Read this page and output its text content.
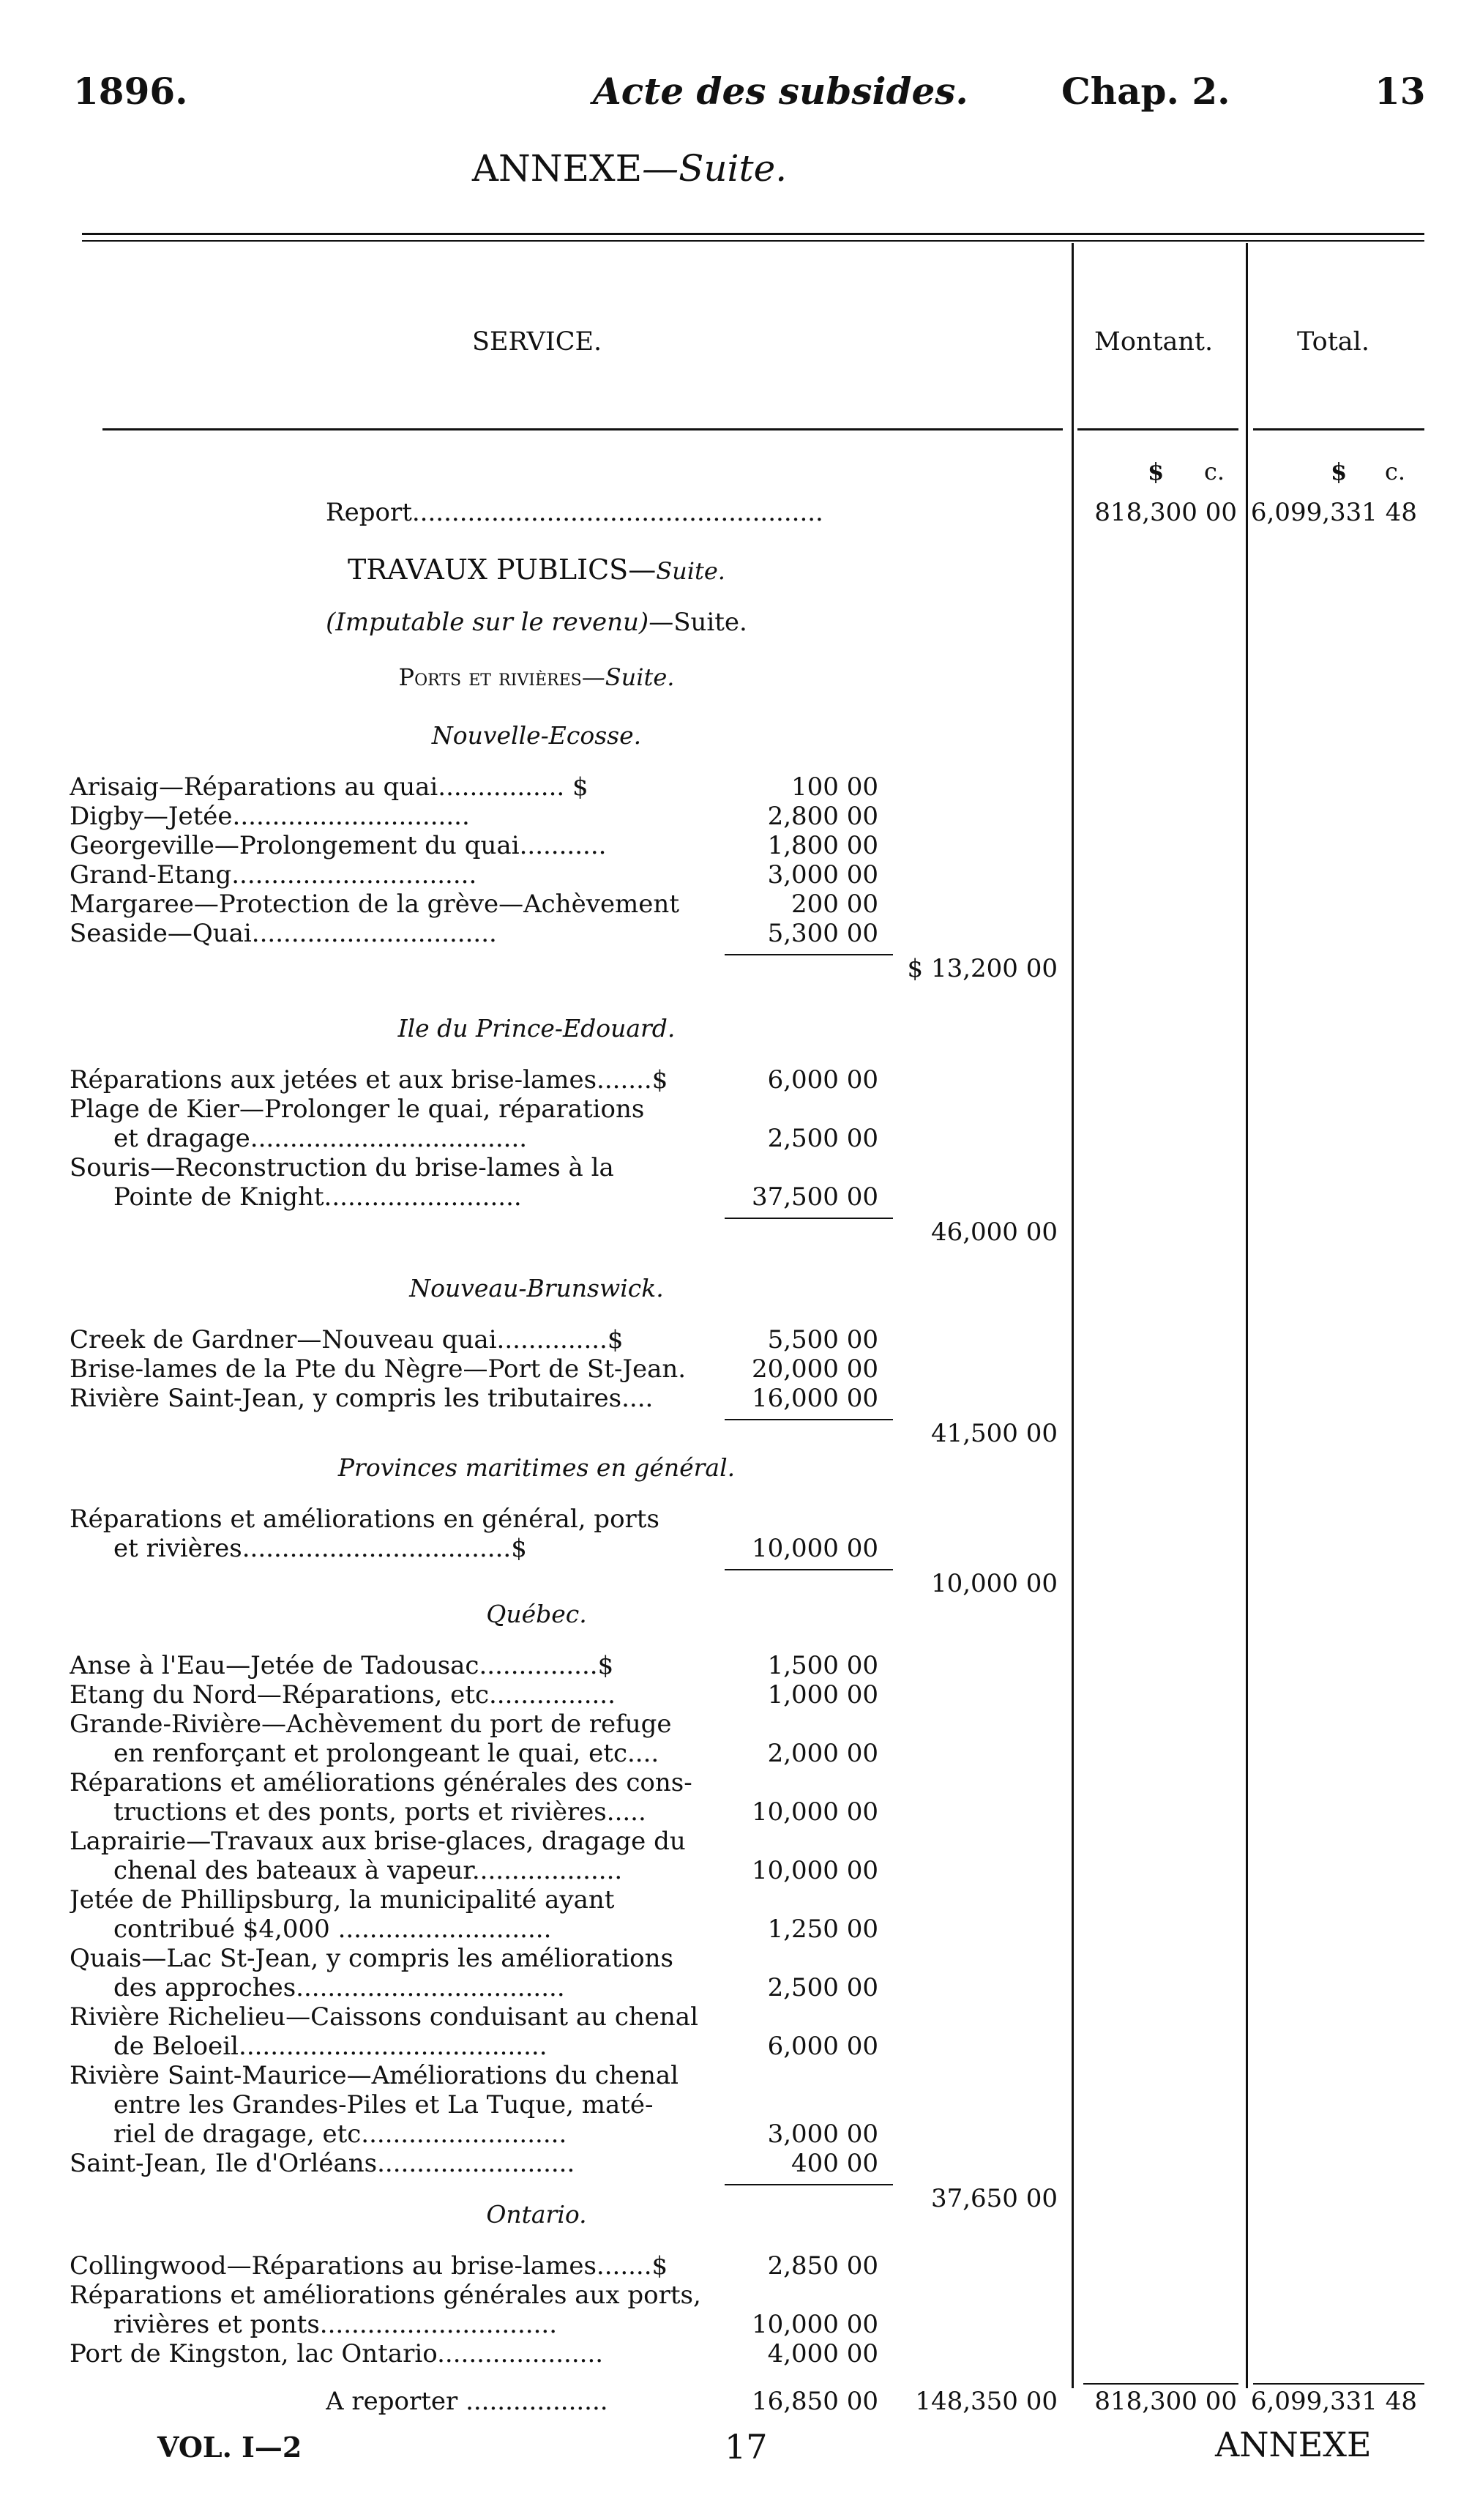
1896.	Acte des subsides.	Chap. 2.	13
ANNEXE—Suite.
SERVICE.	Montant.	Total.
$ c.	$ c.
Report....................................................	818,300 00 6,099,331 48
TRAVAUX PUBLICS—Suite.
(Imputable sur le revenu)—Suite.
Ports et rivières—Suite.
Nouvelle-Ecosse.
Arisaig—Réparations au quai................ $	100 00
Digby—Jetée..............................	2,800 00
Georgeville—Prolongement du quai...........	1,800 00
Grand-Etang...............................	3,000 00
Margaree—Protection de la grève—Achèvement	200 00
Seaside—Quai...............................	5,300 00
$ 13,200 00
Ile du Prince-Edouard.
Réparations aux jetées et aux brise-lames.......$	6,000 00
Plage de Kier—Prolonger le quai, réparations
et dragage...................................	2,500 00
Souris—Reconstruction du brise-lames à la
Pointe de Knight.........................	37,500 00
46,000 00
Nouveau-Brunswick.
Creek de Gardner—Nouveau quai..............$	5,500 00
Brise-lames de la Pte du Nègre—Port de St-Jean.	20,000 00
Rivière Saint-Jean, y compris les tributaires....	16,000 00
41,500 00
Provinces maritimes en général.
Réparations et améliorations en général, ports
et rivières..................................$	10,000 00
10,000 00
Québec.
Anse à l'Eau—Jetée de Tadousac...............$	1,500 00
Etang du Nord—Réparations, etc................	1,000 00
Grande-Rivière—Achèvement du port de refuge
en renforçant et prolongeant le quai, etc....	2,000 00
Réparations et améliorations générales des cons-
tructions et des ponts, ports et rivières.....	10,000 00
Laprairie—Travaux aux brise-glaces, dragage du
chenal des bateaux à vapeur...................	10,000 00
Jetée de Phillipsburg, la municipalité ayant
contribué $4,000 ...........................	1,250 00
Quais—Lac St-Jean, y compris les améliorations
des approches..................................	2,500 00
Rivière Richelieu—Caissons conduisant au chenal
de Beloeil.......................................	6,000 00
Rivière Saint-Maurice—Améliorations du chenal
entre les Grandes-Piles et La Tuque, maté-
riel de dragage, etc..........................	3,000 00
Saint-Jean, Ile d'Orléans.........................	400 00
37,650 00
Ontario.
Collingwood—Réparations au brise-lames.......$	2,850 00
Réparations et améliorations générales aux ports,
rivières et ponts..............................	10,000 00
Port de Kingston, lac Ontario.....................	4,000 00
A reporter ..................	16,850 00	148,350 00	818,300 00 6,099,331 48
VOL. I—2	17	ANNEXE
